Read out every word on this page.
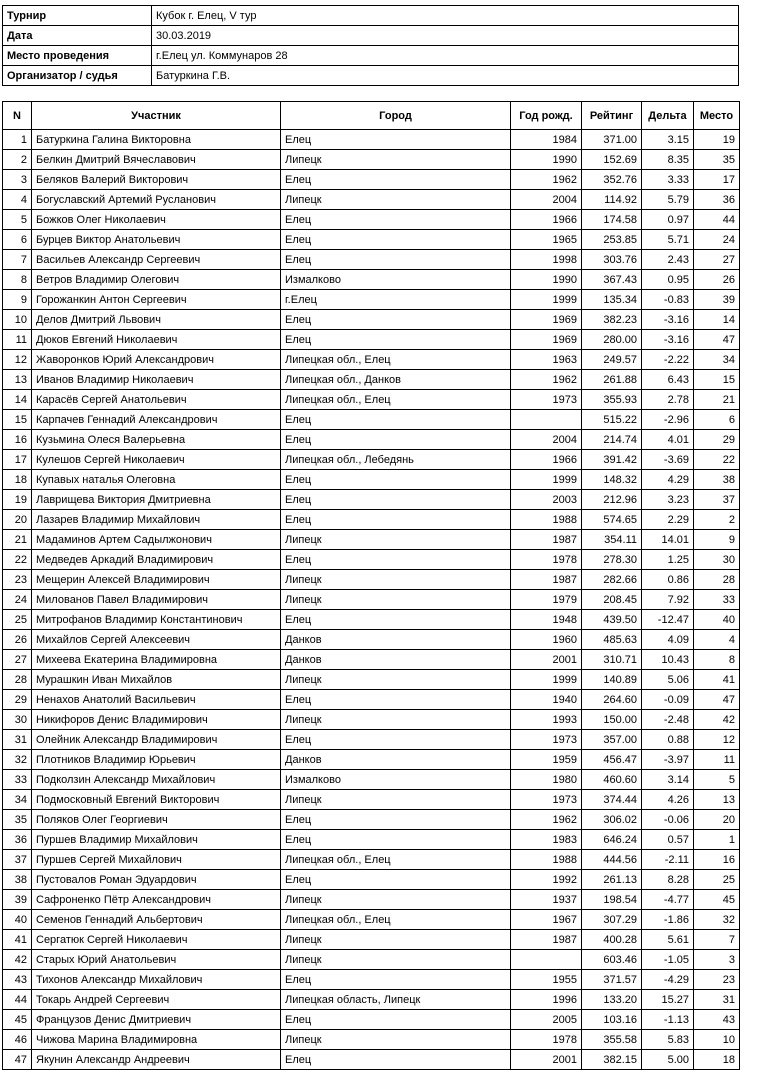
Турнир	Кубок г. Елец, V тур
Дата	30.03.2019
Место проведения	г.Елец ул. Коммунаров 28
Организатор / судья	Батуркина Г.В.
N	Участник	Город	Год рожд.	Рейтинг	Дельта	Место
1	Батуркина Галина Викторовна	Елец	1984	371.00	3.15	19
2	Белкин Дмитрий Вячеславович	Липецк	1990	152.69	8.35	35
3	Беляков Валерий Викторович	Елец	1962	352.76	3.33	17
4	Богуславский Артемий Русланович	Липецк	2004	114.92	5.79	36
5	Божков Олег Николаевич	Елец	1966	174.58	0.97	44
6	Бурцев Виктор Анатольевич	Елец	1965	253.85	5.71	24
7	Васильев Александр Сергеевич	Елец	1998	303.76	2.43	27
8	Ветров Владимир Олегович	Измалково	1990	367.43	0.95	26
9	Горожанкин Антон Сергеевич	г.Елец	1999	135.34	-0.83	39
10	Делов Дмитрий Львович	Елец	1969	382.23	-3.16	14
11	Дюков Евгений Николаевич	Елец	1969	280.00	-3.16	47
12	Жаворонков Юрий Александрович	Липецкая обл., Елец	1963	249.57	-2.22	34
13	Иванов Владимир Николаевич	Липецкая обл., Данков	1962	261.88	6.43	15
14	Карасёв Сергей Анатольевич	Липецкая обл., Елец	1973	355.93	2.78	21
15	Карпачев Геннадий Александрович	Елец		515.22	-2.96	6
16	Кузьмина Олеся Валерьевна	Елец	2004	214.74	4.01	29
17	Кулешов Сергей Николаевич	Липецкая обл., Лебедянь	1966	391.42	-3.69	22
18	Купавых наталья Олеговна	Елец	1999	148.32	4.29	38
19	Лаврищева Виктория Дмитриевна	Елец	2003	212.96	3.23	37
20	Лазарев Владимир Михайлович	Елец	1988	574.65	2.29	2
21	Мадаминов Артем Садылжонович	Липецк	1987	354.11	14.01	9
22	Медведев Аркадий Владимирович	Елец	1978	278.30	1.25	30
23	Мещерин Алексей Владимирович	Липецк	1987	282.66	0.86	28
24	Милованов Павел Владимирович	Липецк	1979	208.45	7.92	33
25	Митрофанов Владимир Константинович	Елец	1948	439.50	-12.47	40
26	Михайлов Сергей Алексеевич	Данков	1960	485.63	4.09	4
27	Михеева Екатерина Владимировна	Данков	2001	310.71	10.43	8
28	Мурашкин Иван Михайлов	Липецк	1999	140.89	5.06	41
29	Ненахов Анатолий Васильевич	Елец	1940	264.60	-0.09	47
30	Никифоров Денис Владимирович	Липецк	1993	150.00	-2.48	42
31	Олейник Александр Владимирович	Елец	1973	357.00	0.88	12
32	Плотников Владимир Юрьевич	Данков	1959	456.47	-3.97	11
33	Подколзин Александр Михайлович	Измалково	1980	460.60	3.14	5
34	Подмосковный Евгений Викторович	Липецк	1973	374.44	4.26	13
35	Поляков Олег Георгиевич	Елец	1962	306.02	-0.06	20
36	Пуршев Владимир Михайлович	Елец	1983	646.24	0.57	1
37	Пуршев Сергей Михайлович	Липецкая обл., Елец	1988	444.56	-2.11	16
38	Пустовалов Роман Эдуардович	Елец	1992	261.13	8.28	25
39	Сафроненко Пётр Александрович	Липецк	1937	198.54	-4.77	45
40	Семенов Геннадий Альбертович	Липецкая обл., Елец	1967	307.29	-1.86	32
41	Сергатюк Сергей Николаевич	Липецк	1987	400.28	5.61	7
42	Старых Юрий Анатольевич	Липецк		603.46	-1.05	3
43	Тихонов Александр Михайлович	Елец	1955	371.57	-4.29	23
44	Токарь Андрей Сергеевич	Липецкая область, Липецк	1996	133.20	15.27	31
45	Французов Денис Дмитриевич	Елец	2005	103.16	-1.13	43
46	Чижова Марина Владимировна	Липецк	1978	355.58	5.83	10
47	Якунин Александр Андреевич	Елец	2001	382.15	5.00	18
